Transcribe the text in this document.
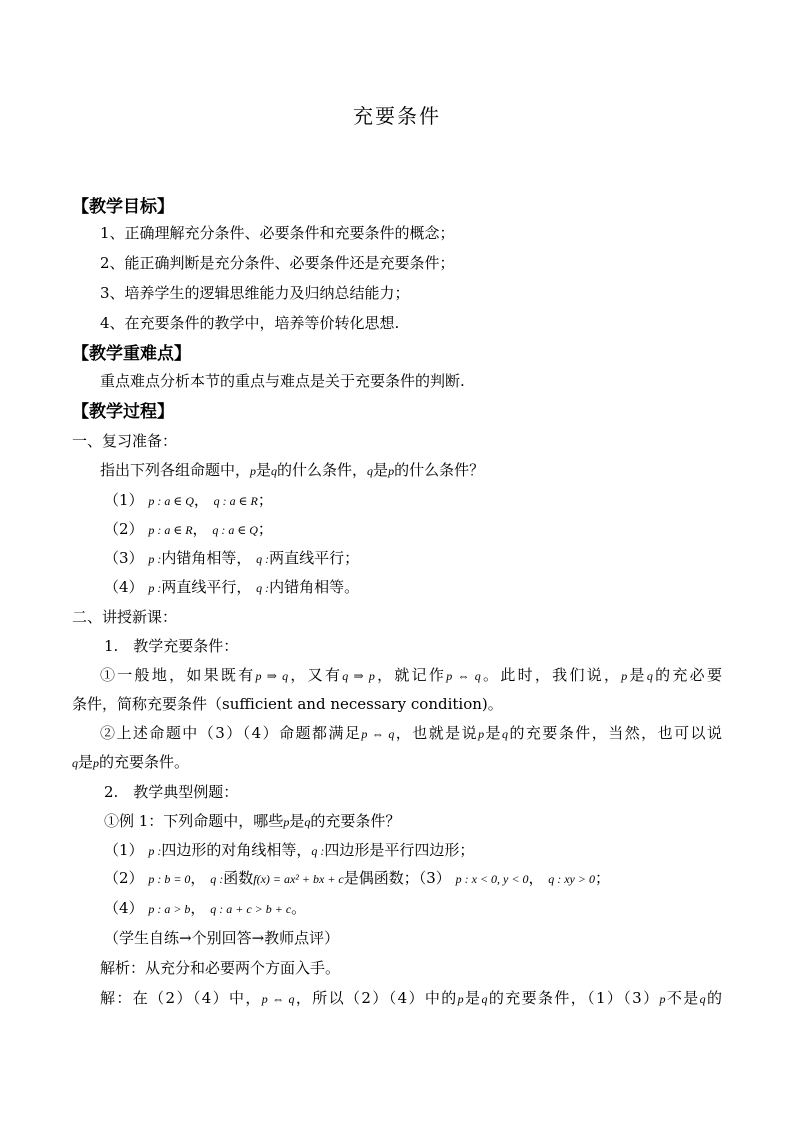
充要条件
【教学目标】
1、正确理解充分条件、必要条件和充要条件的概念；
2、能正确判断是充分条件、必要条件还是充要条件；
3、培养学生的逻辑思维能力及归纳总结能力；
4、在充要条件的教学中，培养等价转化思想.
【教学重难点】
重点难点分析本节的重点与难点是关于充要条件的判断.
【教学过程】
一、复习准备：
指出下列各组命题中，p是q的什么条件，q是p的什么条件？
（1） p : a ∈ Q， q : a ∈ R；
（2） p : a ∈ R， q : a ∈ Q；
（3） p :内错角相等， q :两直线平行；
（4） p :两直线平行， q :内错角相等。
二、讲授新课：
1.　教学充要条件：
①一般地，如果既有p ⇒ q，又有q ⇒ p，就记作p ⇔ q。此时，我们说，p是q的充必要
条件，简称充要条件（sufficient and necessary condition)。
②上述命题中（3）（4）命题都满足p ⇔ q，也就是说p是q的充要条件，当然，也可以说
q是p的充要条件。
2.　教学典型例题：
①例 1：下列命题中，哪些p是q的充要条件？
（1） p :四边形的对角线相等，q :四边形是平行四边形；
（2） p : b = 0， q :函数f(x) = ax² + bx + c是偶函数；（3） p : x < 0, y < 0， q : xy > 0；
（4） p : a > b， q : a + c > b + c。
（学生自练→个别回答→教师点评）
解析：从充分和必要两个方面入手。
解：在（2）（4）中，p ⇔ q，所以（2）（4）中的p是q的充要条件，（1）（3）p不是q的
